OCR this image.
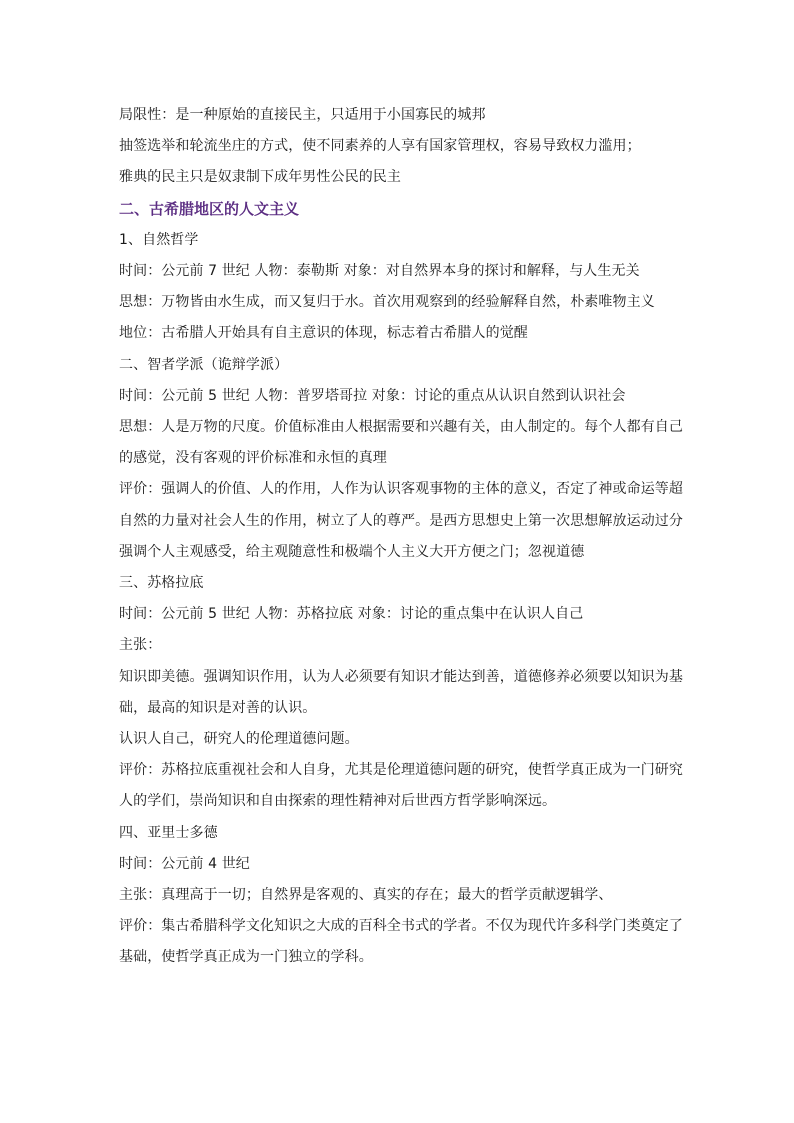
局限性：是一种原始的直接民主，只适用于小国寡民的城邦
抽签选举和轮流坐庄的方式，使不同素养的人享有国家管理权，容易导致权力滥用；
雅典的民主只是奴隶制下成年男性公民的民主
二、古希腊地区的人文主义
1、自然哲学
时间：公元前 7 世纪 人物：泰勒斯 对象：对自然界本身的探讨和解释，与人生无关
思想：万物皆由水生成，而又复归于水。首次用观察到的经验解释自然，朴素唯物主义
地位：古希腊人开始具有自主意识的体现，标志着古希腊人的觉醒
二、智者学派（诡辩学派）
时间：公元前 5 世纪 人物：普罗塔哥拉 对象：讨论的重点从认识自然到认识社会
思想：人是万物的尺度。价值标准由人根据需要和兴趣有关，由人制定的。每个人都有自己
的感觉，没有客观的评价标准和永恒的真理
评价：强调人的价值、人的作用，人作为认识客观事物的主体的意义，否定了神或命运等超
自然的力量对社会人生的作用，树立了人的尊严。是西方思想史上第一次思想解放运动过分
强调个人主观感受，给主观随意性和极端个人主义大开方便之门；忽视道德
三、苏格拉底
时间：公元前 5 世纪 人物：苏格拉底 对象：讨论的重点集中在认识人自己
主张：
知识即美德。强调知识作用，认为人必须要有知识才能达到善，道德修养必须要以知识为基
础，最高的知识是对善的认识。
认识人自己，研究人的伦理道德问题。
评价：苏格拉底重视社会和人自身，尤其是伦理道德问题的研究，使哲学真正成为一门研究
人的学们，崇尚知识和自由探索的理性精神对后世西方哲学影响深远。
四、亚里士多德
时间：公元前 4 世纪
主张：真理高于一切；自然界是客观的、真实的存在；最大的哲学贡献逻辑学、
评价：集古希腊科学文化知识之大成的百科全书式的学者。不仅为现代许多科学门类奠定了
基础，使哲学真正成为一门独立的学科。
